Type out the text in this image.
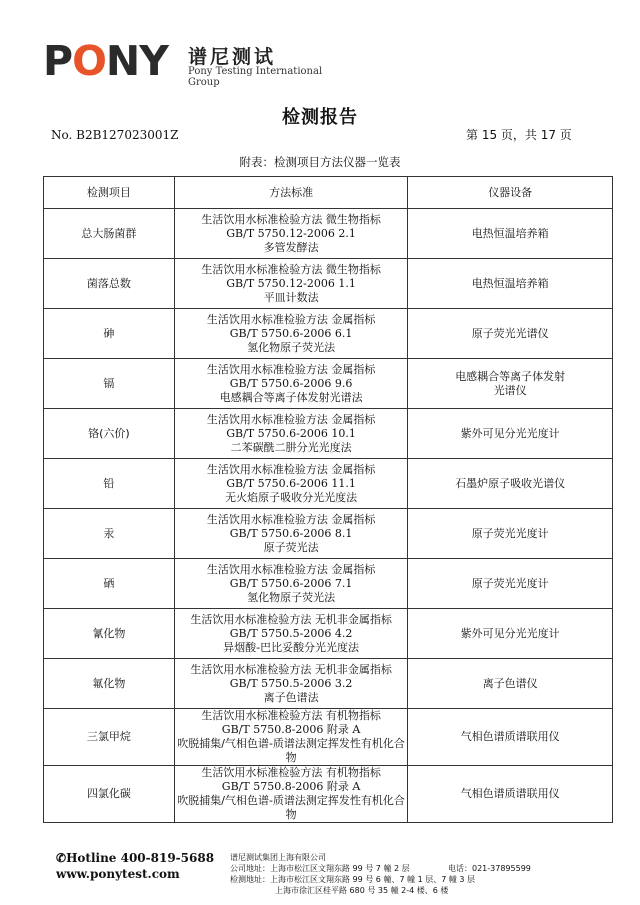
PONY 谱尼测试
Pony Testing International Group
检测报告
No. B2B127023001Z	第 15 页，共 17 页
附表：检测项目方法仪器一览表
检测项目	方法标准	仪器设备
总大肠菌群	生活饮用水标准检验方法 微生物指标
GB/T 5750.12-2006 2.1
多管发酵法	电热恒温培养箱

菌落总数	生活饮用水标准检验方法 微生物指标
GB/T 5750.12-2006 1.1
平皿计数法	电热恒温培养箱

砷	生活饮用水标准检验方法 金属指标
GB/T 5750.6-2006 6.1
氢化物原子荧光法	原子荧光光谱仪

镉	生活饮用水标准检验方法 金属指标
GB/T 5750.6-2006 9.6
电感耦合等离子体发射光谱法	电感耦合等离子体发射
光谱仪

铬(六价)	生活饮用水标准检验方法 金属指标
GB/T 5750.6-2006 10.1
二苯碳酰二肼分光光度法	紫外可见分光光度计

铅	生活饮用水标准检验方法 金属指标
GB/T 5750.6-2006 11.1
无火焰原子吸收分光光度法	石墨炉原子吸收光谱仪

汞	生活饮用水标准检验方法 金属指标
GB/T 5750.6-2006 8.1
原子荧光法	原子荧光光度计

硒	生活饮用水标准检验方法 金属指标
GB/T 5750.6-2006 7.1
氢化物原子荧光法	原子荧光光度计

氰化物	生活饮用水标准检验方法 无机非金属指标
GB/T 5750.5-2006 4.2
异烟酸-巴比妥酸分光光度法	紫外可见分光光度计

氟化物	生活饮用水标准检验方法 无机非金属指标
GB/T 5750.5-2006 3.2
离子色谱法	离子色谱仪

三氯甲烷	生活饮用水标准检验方法 有机物指标
GB/T 5750.8-2006 附录 A
吹脱捕集/气相色谱-质谱法测定挥发性有机化合物	气相色谱质谱联用仪

四氯化碳	生活饮用水标准检验方法 有机物指标
GB/T 5750.8-2006 附录 A
吹脱捕集/气相色谱-质谱法测定挥发性有机化合物	气相色谱质谱联用仪
✆Hotline 400-819-5688
www.ponytest.com
谱尼测试集团上海有限公司
公司地址：上海市松江区文翔东路 99 号 7 幢 2 层
检测地址：上海市松江区文翔东路 99 号 6 幢、7 幢 1 层、7 幢 3 层
上海市徐汇区桂平路 680 号 35 幢 2-4 楼、6 楼
电话：021-37895599
